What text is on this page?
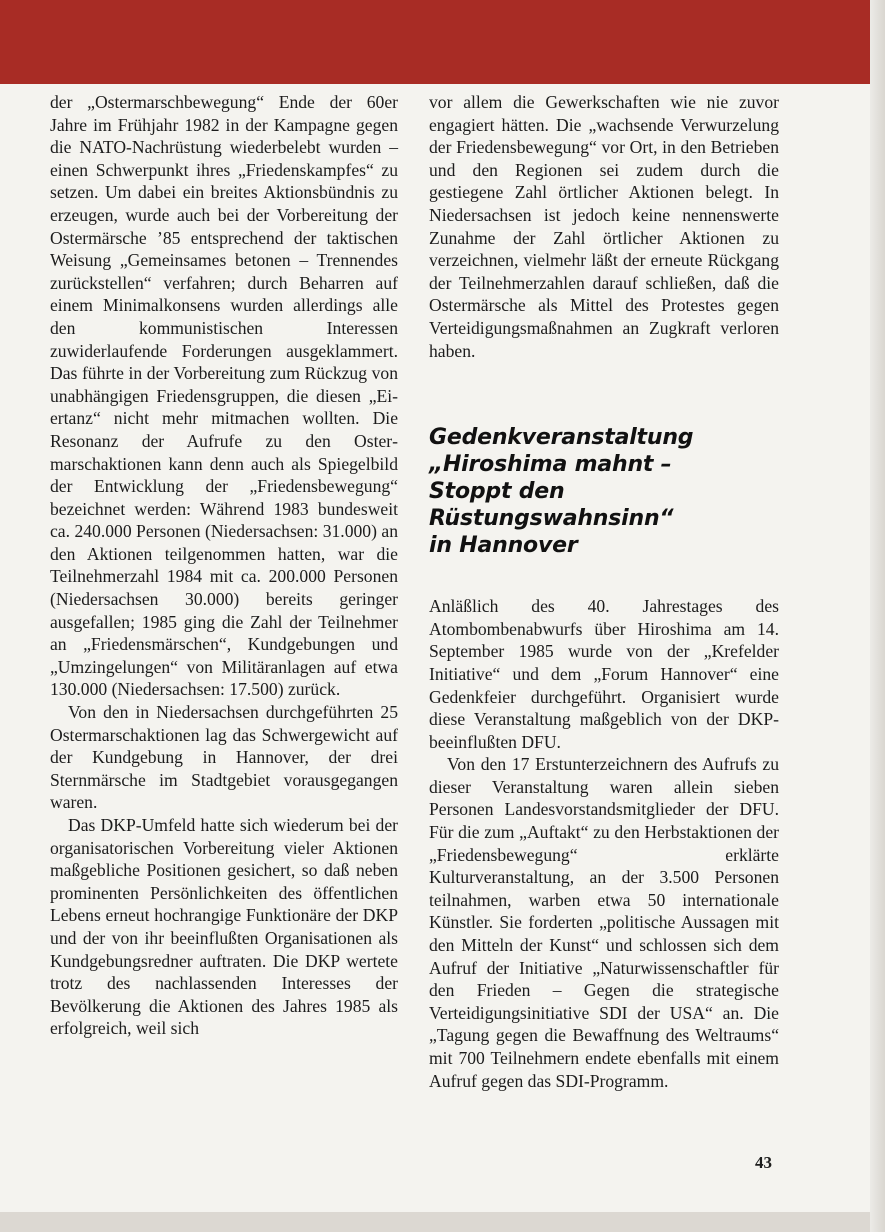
der „Ostermarschbewegung“ Ende der 60er Jahre im Frühjahr 1982 in der Kampagne gegen die NATO-Nachrüstung wiederbelebt wurden – einen Schwerpunkt ihres „Friedenskampfes“ zu setzen. Um dabei ein breites Aktionsbündnis zu erzeugen, wurde auch bei der Vorbereitung der Ostermärsche ’85 entsprechend der taktischen Weisung „Gemeinsames betonen – Trennendes zurückstellen“ verfahren; durch Beharren auf einem Minimalkonsens wurden allerdings alle den kommunistischen Interessen zuwiderlaufende Forderungen ausgeklammert. Das führte in der Vorbereitung zum Rückzug von unabhängigen Friedensgruppen, die diesen „Eiertanz“ nicht mehr mitmachen wollten. Die Resonanz der Aufrufe zu den Ostermarschaktionen kann denn auch als Spiegelbild der Entwicklung der „Friedensbewegung“ bezeichnet werden: Während 1983 bundesweit ca. 240.000 Personen (Niedersachsen: 31.000) an den Aktionen teilgenommen hatten, war die Teilnehmerzahl 1984 mit ca. 200.000 Personen (Niedersachsen 30.000) bereits geringer ausgefallen; 1985 ging die Zahl der Teilnehmer an „Friedensmärschen“, Kundgebungen und „Umzingelungen“ von Militäranlagen auf etwa 130.000 (Niedersachsen: 17.500) zurück.

Von den in Niedersachsen durchgeführten 25 Ostermarschaktionen lag das Schwergewicht auf der Kundgebung in Hannover, der drei Sternmärsche im Stadtgebiet vorausgegangen waren.

Das DKP-Umfeld hatte sich wiederum bei der organisatorischen Vorbereitung vieler Aktionen maßgebliche Positionen gesichert, so daß neben prominenten Persönlichkeiten des öffentlichen Lebens erneut hochrangige Funktionäre der DKP und der von ihr beeinflußten Organisationen als Kundgebungsredner auftraten. Die DKP wertete trotz des nachlassenden Interesses der Bevölkerung die Aktionen des Jahres 1985 als erfolgreich, weil sich

vor allem die Gewerkschaften wie nie zuvor engagiert hätten. Die „wachsende Verwurzelung der Friedensbewegung“ vor Ort, in den Betrieben und den Regionen sei zudem durch die gestiegene Zahl örtlicher Aktionen belegt. In Niedersachsen ist jedoch keine nennenswerte Zunahme der Zahl örtlicher Aktionen zu verzeichnen, vielmehr läßt der erneute Rückgang der Teilnehmerzahlen darauf schließen, daß die Ostermärsche als Mittel des Protestes gegen Verteidigungsmaßnahmen an Zugkraft verloren haben.

Gedenkveranstaltung
„Hiroshima mahnt –
Stoppt den
Rüstungswahnsinn“
in Hannover

Anläßlich des 40. Jahrestages des Atombombenabwurfs über Hiroshima am 14. September 1985 wurde von der „Krefelder Initiative“ und dem „Forum Hannover“ eine Gedenkfeier durchgeführt. Organisiert wurde diese Veranstaltung maßgeblich von der DKP-beeinflußten DFU.

Von den 17 Erstunterzeichnern des Aufrufs zu dieser Veranstaltung waren allein sieben Personen Landesvorstandsmitglieder der DFU. Für die zum „Auftakt“ zu den Herbstaktionen der „Friedensbewegung“ erklärte Kulturveranstaltung, an der 3.500 Personen teilnahmen, warben etwa 50 internationale Künstler. Sie forderten „politische Aussagen mit den Mitteln der Kunst“ und schlossen sich dem Aufruf der Initiative „Naturwissenschaftler für den Frieden – Gegen die strategische Verteidigungsinitiative SDI der USA“ an. Die „Tagung gegen die Bewaffnung des Weltraums“ mit 700 Teilnehmern endete ebenfalls mit einem Aufruf gegen das SDI-Programm.

43
